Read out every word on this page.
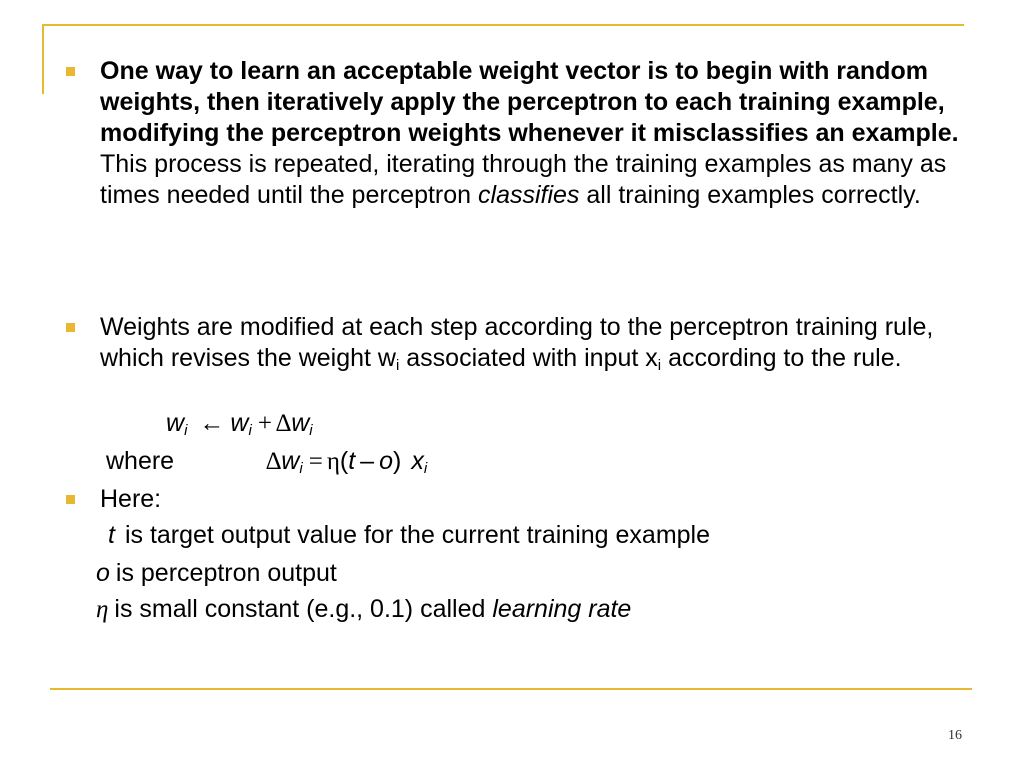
One way to learn an acceptable weight vector is to begin with random weights, then iteratively apply the perceptron to each training example, modifying the perceptron weights whenever it misclassifies an example. This process is repeated, iterating through the training examples as many as times needed until the perceptron classifies all training examples correctly.
Weights are modified at each step according to the perceptron training rule, which revises the weight $w_i$ associated with input $x_i$ according to the rule.
$w_i$ ← $w_i + \Delta w_i$
where	$\Delta w_i = \eta(t - o)$ $x_i$
Here:
t is target output value for the current training example
o is perceptron output
η is small constant (e.g., 0.1) called learning rate
16
